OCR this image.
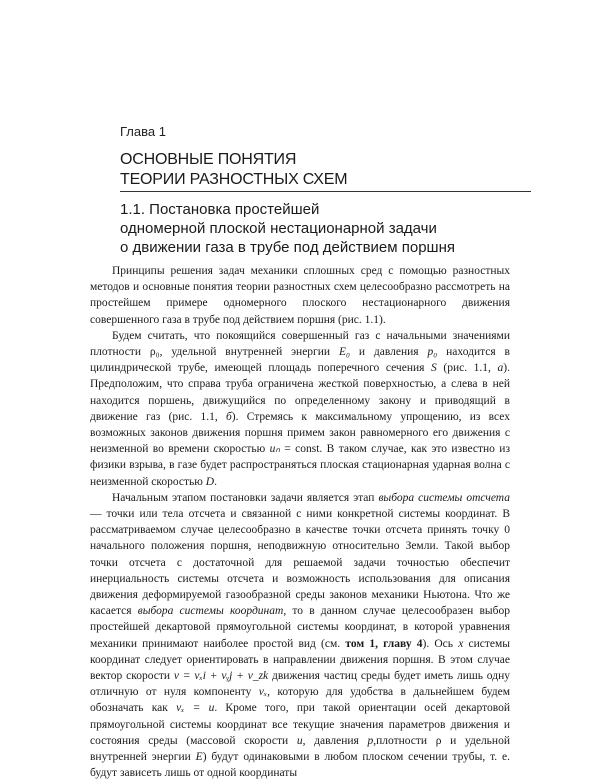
Глава 1
ОСНОВНЫЕ ПОНЯТИЯ
ТЕОРИИ РАЗНОСТНЫХ СХЕМ
1.1. Постановка простейшей
одномерной плоской нестационарной задачи
о движении газа в трубе под действием поршня

Принципы решения задач механики сплошных сред с помощью разностных методов и основные понятия теории разностных схем целесообразно рассмотреть на простейшем примере одномерного плоского нестационарного движения совершенного газа в трубе под действием поршня (рис. 1.1).

Будем считать, что покоящийся совершенный газ с начальными значениями плотности ρ₀, удельной внутренней энергии E₀ и давления p₀ находится в цилиндрической трубе, имеющей площадь поперечного сечения S (рис. 1.1, а). Предположим, что справа труба ограничена жесткой поверхностью, а слева в ней находится поршень, движущийся по определенному закону и приводящий в движение газ (рис. 1.1, б). Стремясь к максимальному упрощению, из всех возможных законов движения поршня примем закон равномерного его движения с неизменной во времени скоростью uₙ = const. В таком случае, как это известно из физики взрыва, в газе будет распространяться плоская стационарная ударная волна с неизменной скоростью D.

Начальным этапом постановки задачи является этап выбора системы отсчета — точки или тела отсчета и связанной с ними конкретной системы координат. В рассматриваемом случае целесообразно в качестве точки отсчета принять точку 0 начального положения поршня, неподвижную относительно Земли. Такой выбор точки отсчета с достаточной для решаемой задачи точностью обеспечит инерциальность системы отсчета и возможность использования для описания движения деформируемой газообразной среды законов механики Ньютона. Что же касается выбора системы координат, то в данном случае целесообразен выбор простейшей декартовой прямоугольной системы координат, в которой уравнения механики принимают наиболее простой вид (см. том 1, главу 4). Ось x системы координат следует ориентировать в направлении движения поршня. В этом случае вектор скорости v = vₓi + vᵧj + v_zk движения частиц среды будет иметь лишь одну отличную от нуля компоненту vₓ, которую для удобства в дальнейшем будем обозначать как vₓ = u. Кроме того, при такой ориентации осей декартовой прямоугольной системы координат все текущие значения параметров движения и состояния среды (массовой скорости u, давления p,плотности ρ и удельной внутренней энергии E) будут одинаковыми в любом плоском сечении трубы, т. е. будут зависеть лишь от одной координаты
